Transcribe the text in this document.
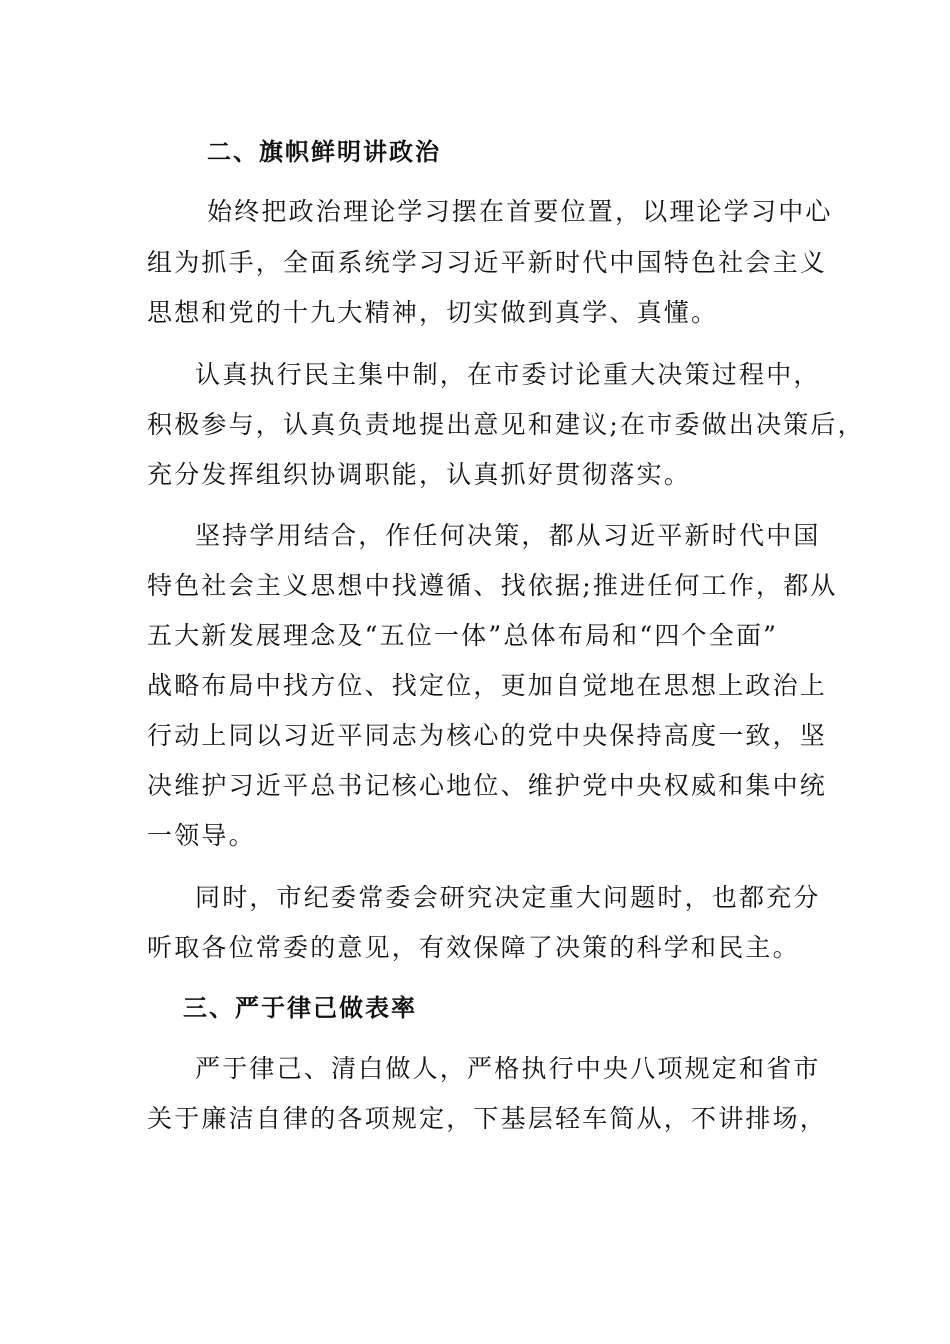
二、旗帜鲜明讲政治
始终把政治理论学习摆在首要位置，以理论学习中心
组为抓手，全面系统学习习近平新时代中国特色社会主义
思想和党的十九大精神，切实做到真学、真懂。
认真执行民主集中制，在市委讨论重大决策过程中，
积极参与，认真负责地提出意见和建议;在市委做出决策后，
充分发挥组织协调职能，认真抓好贯彻落实。
坚持学用结合，作任何决策，都从习近平新时代中国
特色社会主义思想中找遵循、找依据;推进任何工作，都从
五大新发展理念及“五位一体”总体布局和“四个全面”
战略布局中找方位、找定位，更加自觉地在思想上政治上
行动上同以习近平同志为核心的党中央保持高度一致，坚
决维护习近平总书记核心地位、维护党中央权威和集中统
一领导。
同时，市纪委常委会研究决定重大问题时，也都充分
听取各位常委的意见，有效保障了决策的科学和民主。
三、严于律己做表率
严于律己、清白做人，严格执行中央八项规定和省市
关于廉洁自律的各项规定，下基层轻车简从，不讲排场，
